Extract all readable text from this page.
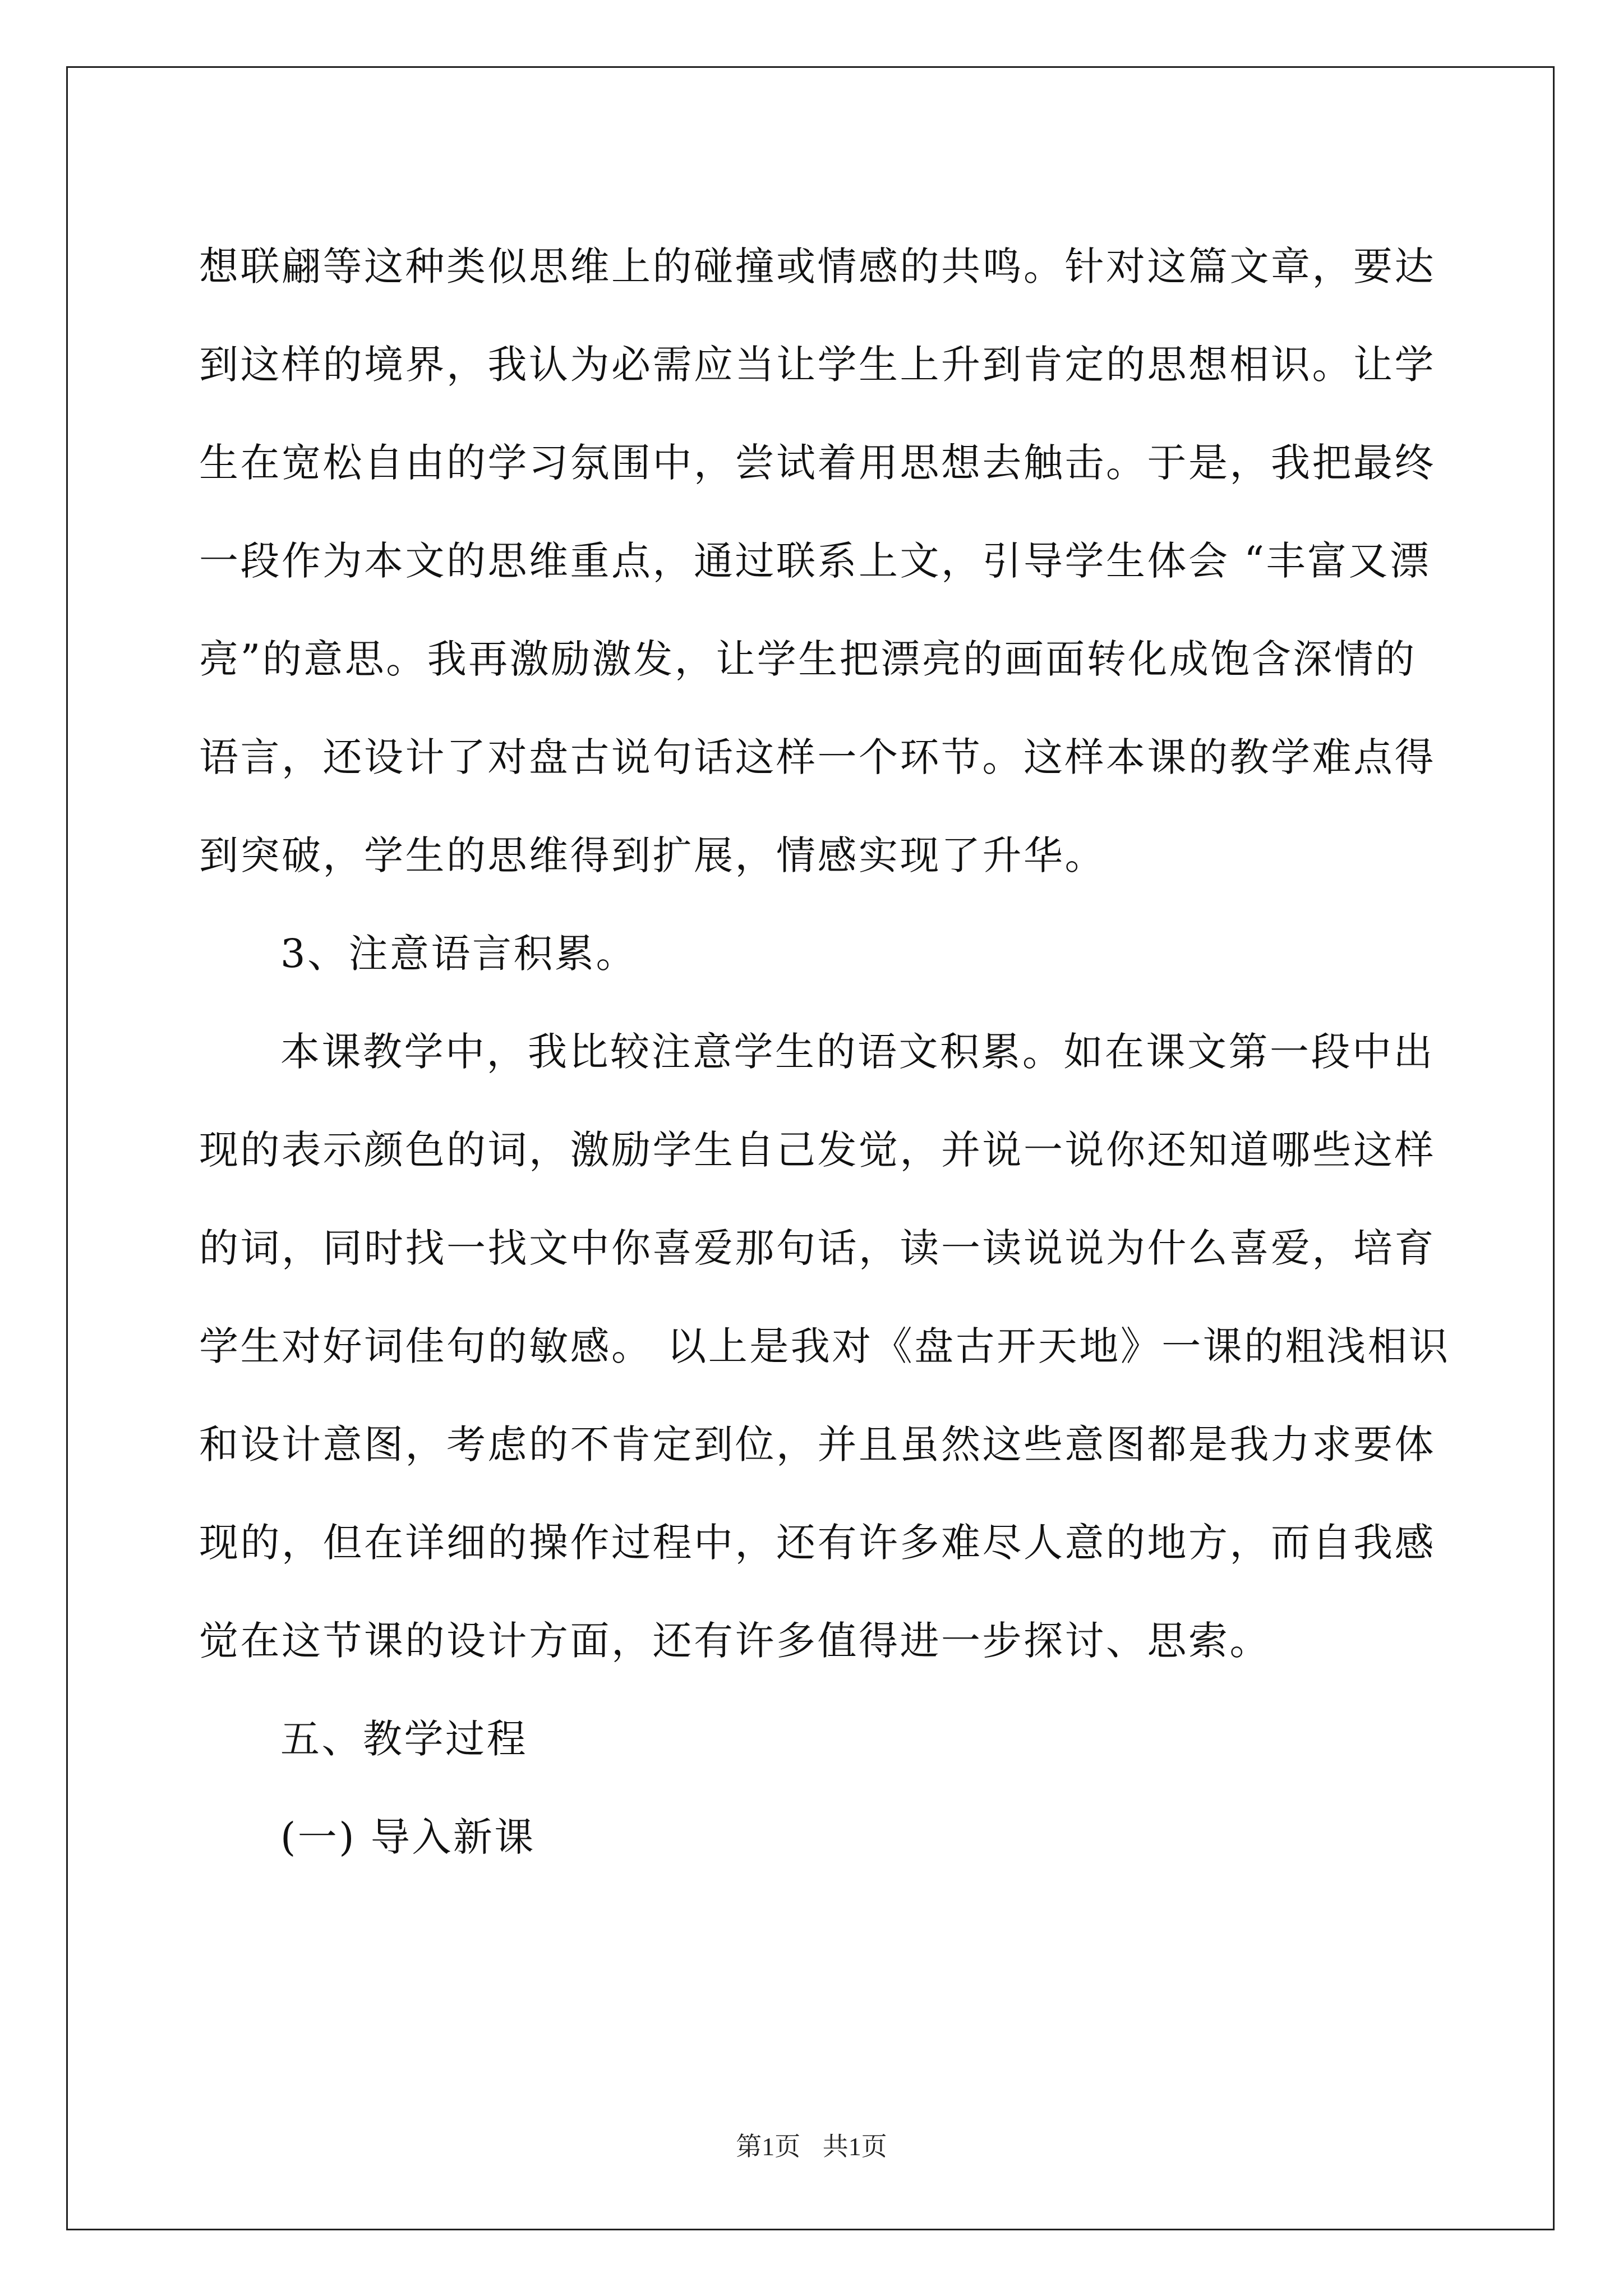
想联翩等这种类似思维上的碰撞或情感的共鸣。针对这篇文章，要达
到这样的境界，我认为必需应当让学生上升到肯定的思想相识。让学
生在宽松自由的学习氛围中，尝试着用思想去触击。于是，我把最终
一段作为本文的思维重点，通过联系上文，引导学生体会 “丰富又漂
亮”的意思。我再激励激发，让学生把漂亮的画面转化成饱含深情的
语言，还设计了对盘古说句话这样一个环节。这样本课的教学难点得
到突破，学生的思维得到扩展，情感实现了升华。
3、注意语言积累。
本课教学中，我比较注意学生的语文积累。如在课文第一段中出
现的表示颜色的词，激励学生自己发觉，并说一说你还知道哪些这样
的词，同时找一找文中你喜爱那句话，读一读说说为什么喜爱，培育
学生对好词佳句的敏感。 以上是我对《盘古开天地》一课的粗浅相识
和设计意图，考虑的不肯定到位，并且虽然这些意图都是我力求要体
现的，但在详细的操作过程中，还有许多难尽人意的地方，而自我感
觉在这节课的设计方面，还有许多值得进一步探讨、思索。
五、教学过程
(一) 导入新课
第1页 共1页
